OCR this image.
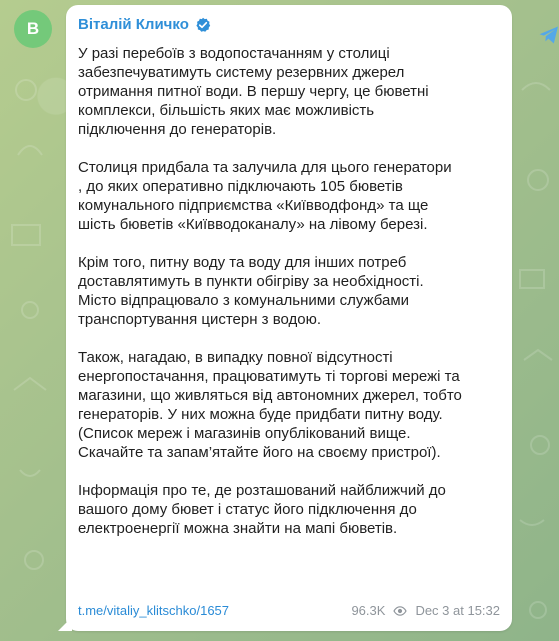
В	Віталій Кличко
У разі перебоїв з водопостачанням у столиці
забезпечуватимуть систему резервних джерел
отримання питної води. В першу чергу, це бюветні
комплекси, більшість яких має можливість
підключення до генераторів.

Столиця придбала та залучила для цього генератори
, до яких оперативно підключають 105 бюветів
комунального підприємства «Київводфонд» та ще
шість бюветів «Київводоканалу» на лівому березі.

Крім того, питну воду та воду для інших потреб
доставлятимуть в пункти обігріву за необхідності.
Місто відпрацювало з комунальними службами
транспортування цистерн з водою.

Також, нагадаю, в випадку повної відсутності
енергопостачання, працюватимуть ті торгові мережі та
магазини, що живляться від автономних джерел, тобто
генераторів. У них можна буде придбати питну воду.
(Список мереж і магазинів опублікований вище.
Скачайте та запам’ятайте його на своєму пристрої).

Інформація про те, де розташований найближчий до
вашого дому бювет і статус його підключення до
електроенергії можна знайти на мапі бюветів.
t.me/vitaliy_klitschko/1657	96.3K Dec 3 at 15:32
